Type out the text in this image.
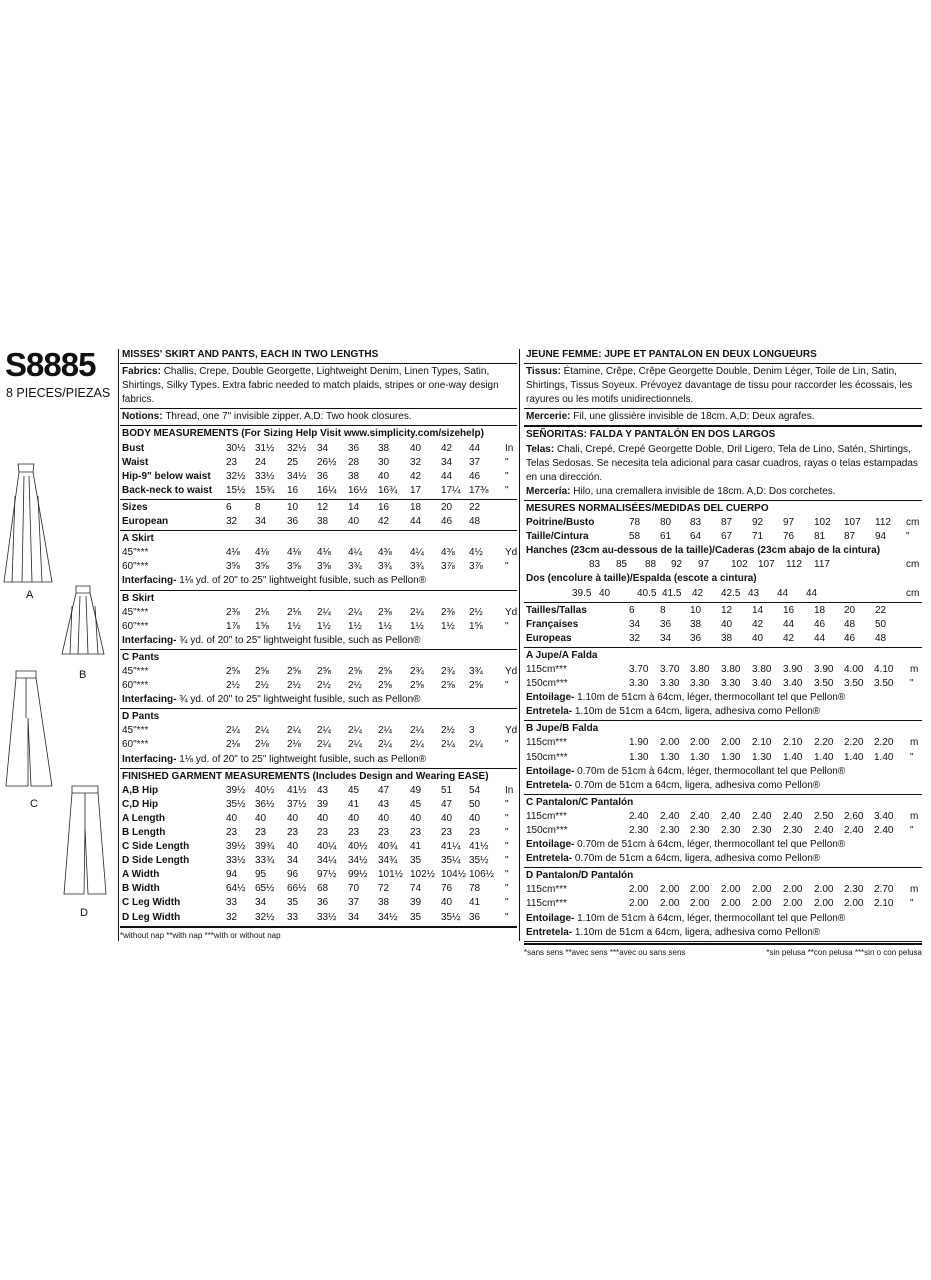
S8885
8 PIECES/PIEZAS
A
B
C
D
MISSES' SKIRT AND PANTS, EACH IN TWO LENGTHS
Fabrics: Challis, Crepe, Double Georgette, Lightweight Denim, Linen Types, Satin, Shirtings, Silky Types. Extra fabric needed to match plaids, stripes or one-way design fabrics.
Notions: Thread, one 7" invisible zipper. A,D: Two hook closures.
BODY MEASUREMENTS (For Sizing Help Visit www.simplicity.com/sizehelp)
Bust	30½ 31½ 32½ 34 36 38 40 42 44 In
Waist	23 24 25 26½ 28 30 32 34 37 "
Hip-9" below waist 32½ 33½ 34½ 36 38 40 42 44 46 "
Back-neck to waist 15½ 15¾ 16 16¼ 16½ 16¾ 17 17¼ 17⅜ "
Sizes	6 8	10 12 14 16 18 20 22
European	32 34 36 38 40 42 44 46 48
A Skirt
45"***	4⅛ 4⅛ 4⅛ 4⅛ 4¼ 4⅜ 4¼ 4⅜ 4½ Yd
60"***	3⅝ 3⅝ 3⅝ 3⅝ 3¾ 3¾ 3¾ 3⅞ 3⅞ "
Interfacing- 1⅛ yd. of 20" to 25" lightweight fusible, such as Pellon®
B Skirt
45"***	2⅜ 2⅛ 2⅛ 2¼ 2¼ 2⅜ 2¼ 2⅜ 2½ Yd
60"***	1⅞ 1⅝ 1½ 1½ 1½ 1½ 1½ 1½ 1⅝ "
Interfacing- ¾ yd. of 20" to 25" lightweight fusible, such as Pellon®
C Pants
45"***	2⅝ 2⅝ 2⅝ 2⅝ 2⅝ 2⅝ 2¾ 2¾ 3¾ Yd
60"***	2½ 2½ 2½ 2½ 2½ 2⅝ 2⅝ 2⅝ 2⅝ "
Interfacing- ¾ yd. of 20" to 25" lightweight fusible, such as Pellon®
D Pants
45"***	2¼ 2¼ 2¼ 2¼ 2¼ 2¼ 2¼ 2½ 3	Yd
60"***	2⅛ 2⅛ 2⅛ 2¼ 2¼ 2¼ 2¼ 2¼ 2¼ "
Interfacing- 1⅛ yd. of 20" to 25" lightweight fusible, such as Pellon®
FINISHED GARMENT MEASUREMENTS (Includes Design and Wearing EASE)
A,B Hip	39½ 40½ 41½ 43 45 47 49 51 54 In
C,D Hip	35½ 36½ 37½ 39 41 43 45 47 50 "
A Length	40 40 40 40 40 40 40 40 40 "
B Length	23 23 23 23 23 23 23 23 23 "
C Side Length	39½ 39¾ 40 40¼ 40½ 40¾ 41 41¼ 41½ "
D Side Length	33½ 33¾ 34 34¼ 34½ 34¾ 35 35¼ 35½ "
A Width	94 95 96 97½ 99½ 101½ 102½ 104½ 106½ "
B Width	64½ 65½ 66½ 68 70 72 74 76 78 "
C Leg Width	33 34 35 36 37 38 39 40 41 "
D Leg Width	32 32½ 33 33½ 34 34½ 35 35½ 36 "
*without nap **with nap ***with or without nap
JEUNE FEMME: JUPE ET PANTALON EN DEUX LONGUEURS
Tissus: Étamine, Crêpe, Crêpe Georgette Double, Denim Léger, Toile de Lin, Satin, Shirtings, Tissus Soyeux. Prévoyez davantage de tissu pour raccorder les écossais, les rayures ou les motifs unidirectionnels.
Mercerie: Fil, une glissière invisible de 18cm. A,D: Deux agrafes.
SEÑORITAS: FALDA Y PANTALÓN EN DOS LARGOS
Telas: Chali, Crepé, Crepé Georgette Doble, Dril Ligero, Tela de Lino, Satén, Shirtings, Telas Sedosas. Se necesita tela adicional para casar cuadros, rayas o telas estampadas en una dirección.
Mercería: Hilo, una cremallera invisible de 18cm. A,D: Dos corchetes.
MESURES NORMALISÉES/MEDIDAS DEL CUERPO
Poitrine/Busto	78 80 83 87 92 97 102 107 112 cm
Taille/Cintura	58 61 64 67 71 76 81 87 94 "
Hanches (23cm au-dessous de la taille)/Caderas (23cm abajo de la cintura)
83 85 88 92 97 102 107 112 117	cm
Dos (encolure à taille)/Espalda (escote a cintura)
39.5 40	40.5 41.5 42 42.5 43 44 44	cm
Tailles/Tallas	6	8 10 12 14 16 18 20 22
Françaises	34 36 38 40 42 44 46 48 50
Europeas	32 34 36 38 40 42 44 46 48
A Jupe/A Falda
115cm***	3.70 3.70 3.80 3.80 3.80 3.90 3.90 4.00 4.10 m
150cm***	3.30 3.30 3.30 3.30 3.40 3.40 3.50 3.50 3.50 "
Entoilage- 1.10m de 51cm à 64cm, léger, thermocollant tel que Pellon®
Entretela- 1.10m de 51cm a 64cm, ligera, adhesiva como Pellon®
B Jupe/B Falda
115cm***	1.90 2.00 2.00 2.00 2.10 2.10 2.20 2.20 2.20 m
150cm***	1.30 1.30 1.30 1.30 1.30 1.40 1.40 1.40 1.40 "
Entoilage- 0.70m de 51cm à 64cm, léger, thermocollant tel que Pellon®
Entretela- 0.70m de 51cm a 64cm, ligera, adhesiva como Pellon®
C Pantalon/C Pantalón
115cm***	2.40 2.40 2.40 2.40 2.40 2.40 2.50 2.60 3.40 m
150cm***	2.30 2.30 2.30 2.30 2.30 2.30 2.40 2.40 2.40 "
Entoilage- 0.70m de 51cm à 64cm, léger, thermocollant tel que Pellon®
Entretela- 0.70m de 51cm a 64cm, ligera, adhesiva como Pellon®
D Pantalon/D Pantalón
115cm***	2.00 2.00 2.00 2.00 2.00 2.00 2.00 2.30 2.70 m
115cm***	2.00 2.00 2.00 2.00 2.00 2.00 2.00 2.00 2.10 "
Entoilage- 1.10m de 51cm à 64cm, léger, thermocollant tel que Pellon®
Entretela- 1.10m de 51cm a 64cm, ligera, adhesiva como Pellon®
*sans sens **avec sens ***avec ou sans sens	*sin pelusa **con pelusa ***sin o con pelusa
